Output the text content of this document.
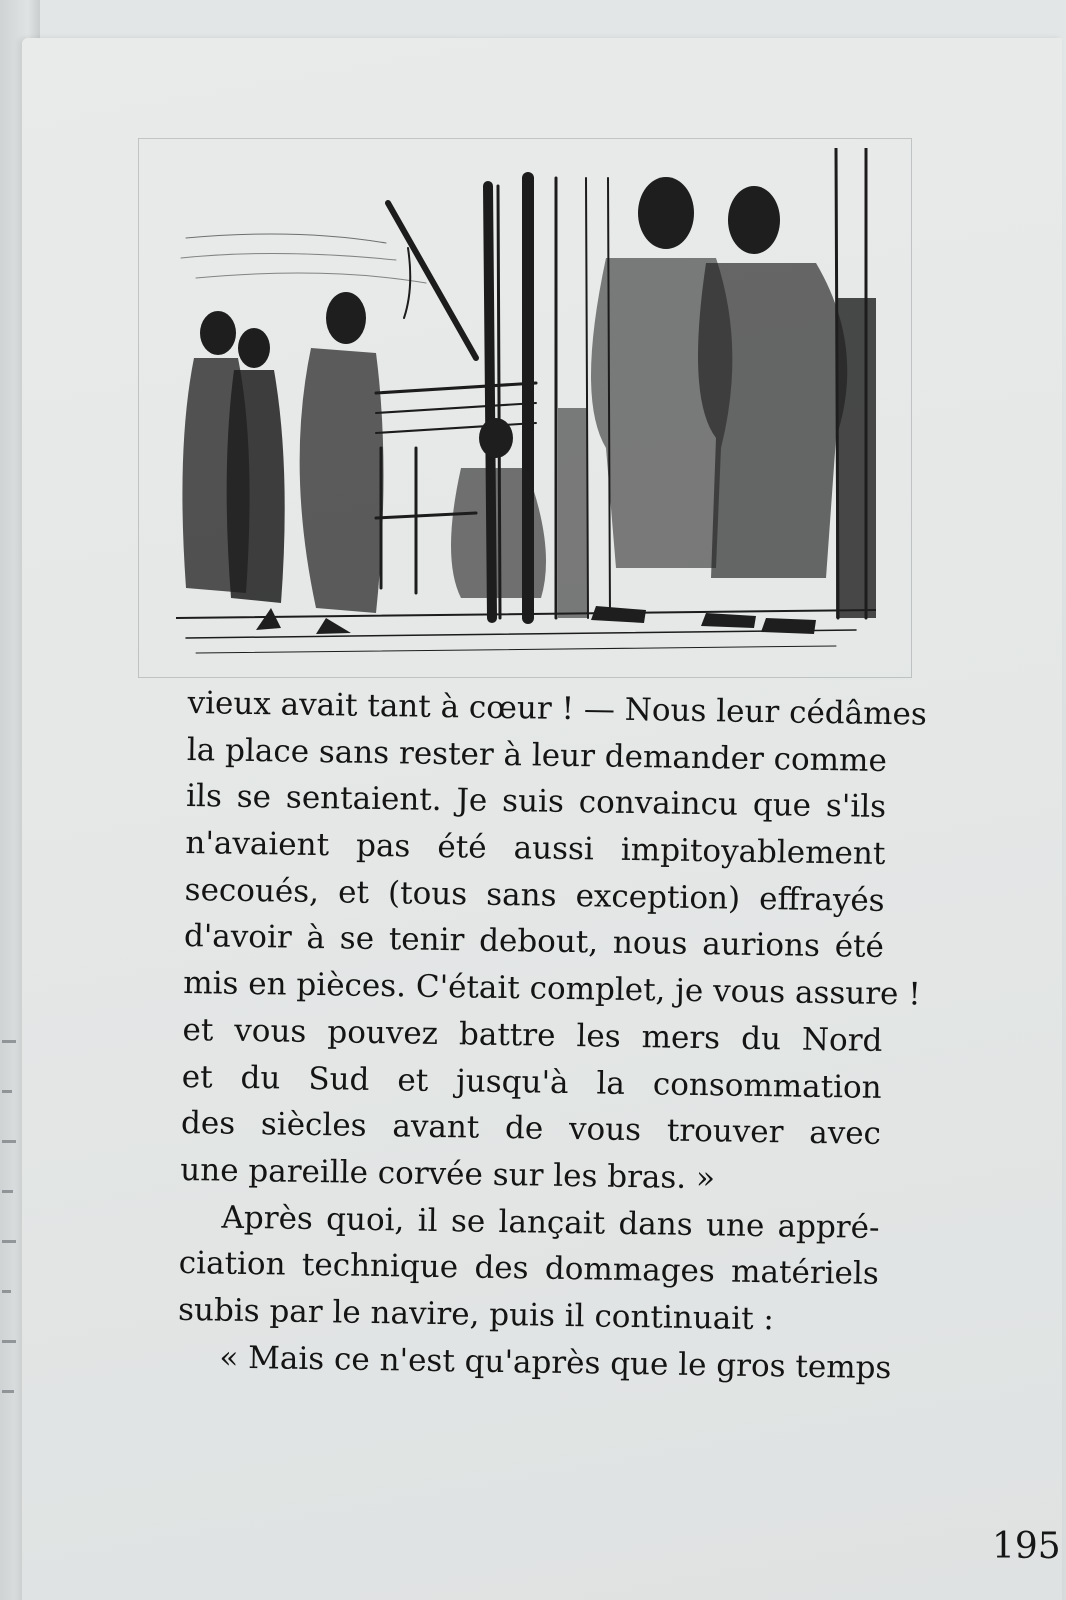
vieux avait tant à cœur ! — Nous leur cédâmes
la place sans rester à leur demander comme
ils se sentaient. Je suis convaincu que s'ils
n'avaient pas été aussi impitoyablement
secoués, et (tous sans exception) effrayés
d'avoir à se tenir debout, nous aurions été
mis en pièces. C'était complet, je vous assure !
et vous pouvez battre les mers du Nord
et du Sud et jusqu'à la consommation
des siècles avant de vous trouver avec
une pareille corvée sur les bras. »
Après quoi, il se lançait dans une appré-
ciation technique des dommages matériels
subis par le navire, puis il continuait :
« Mais ce n'est qu'après que le gros temps
195
